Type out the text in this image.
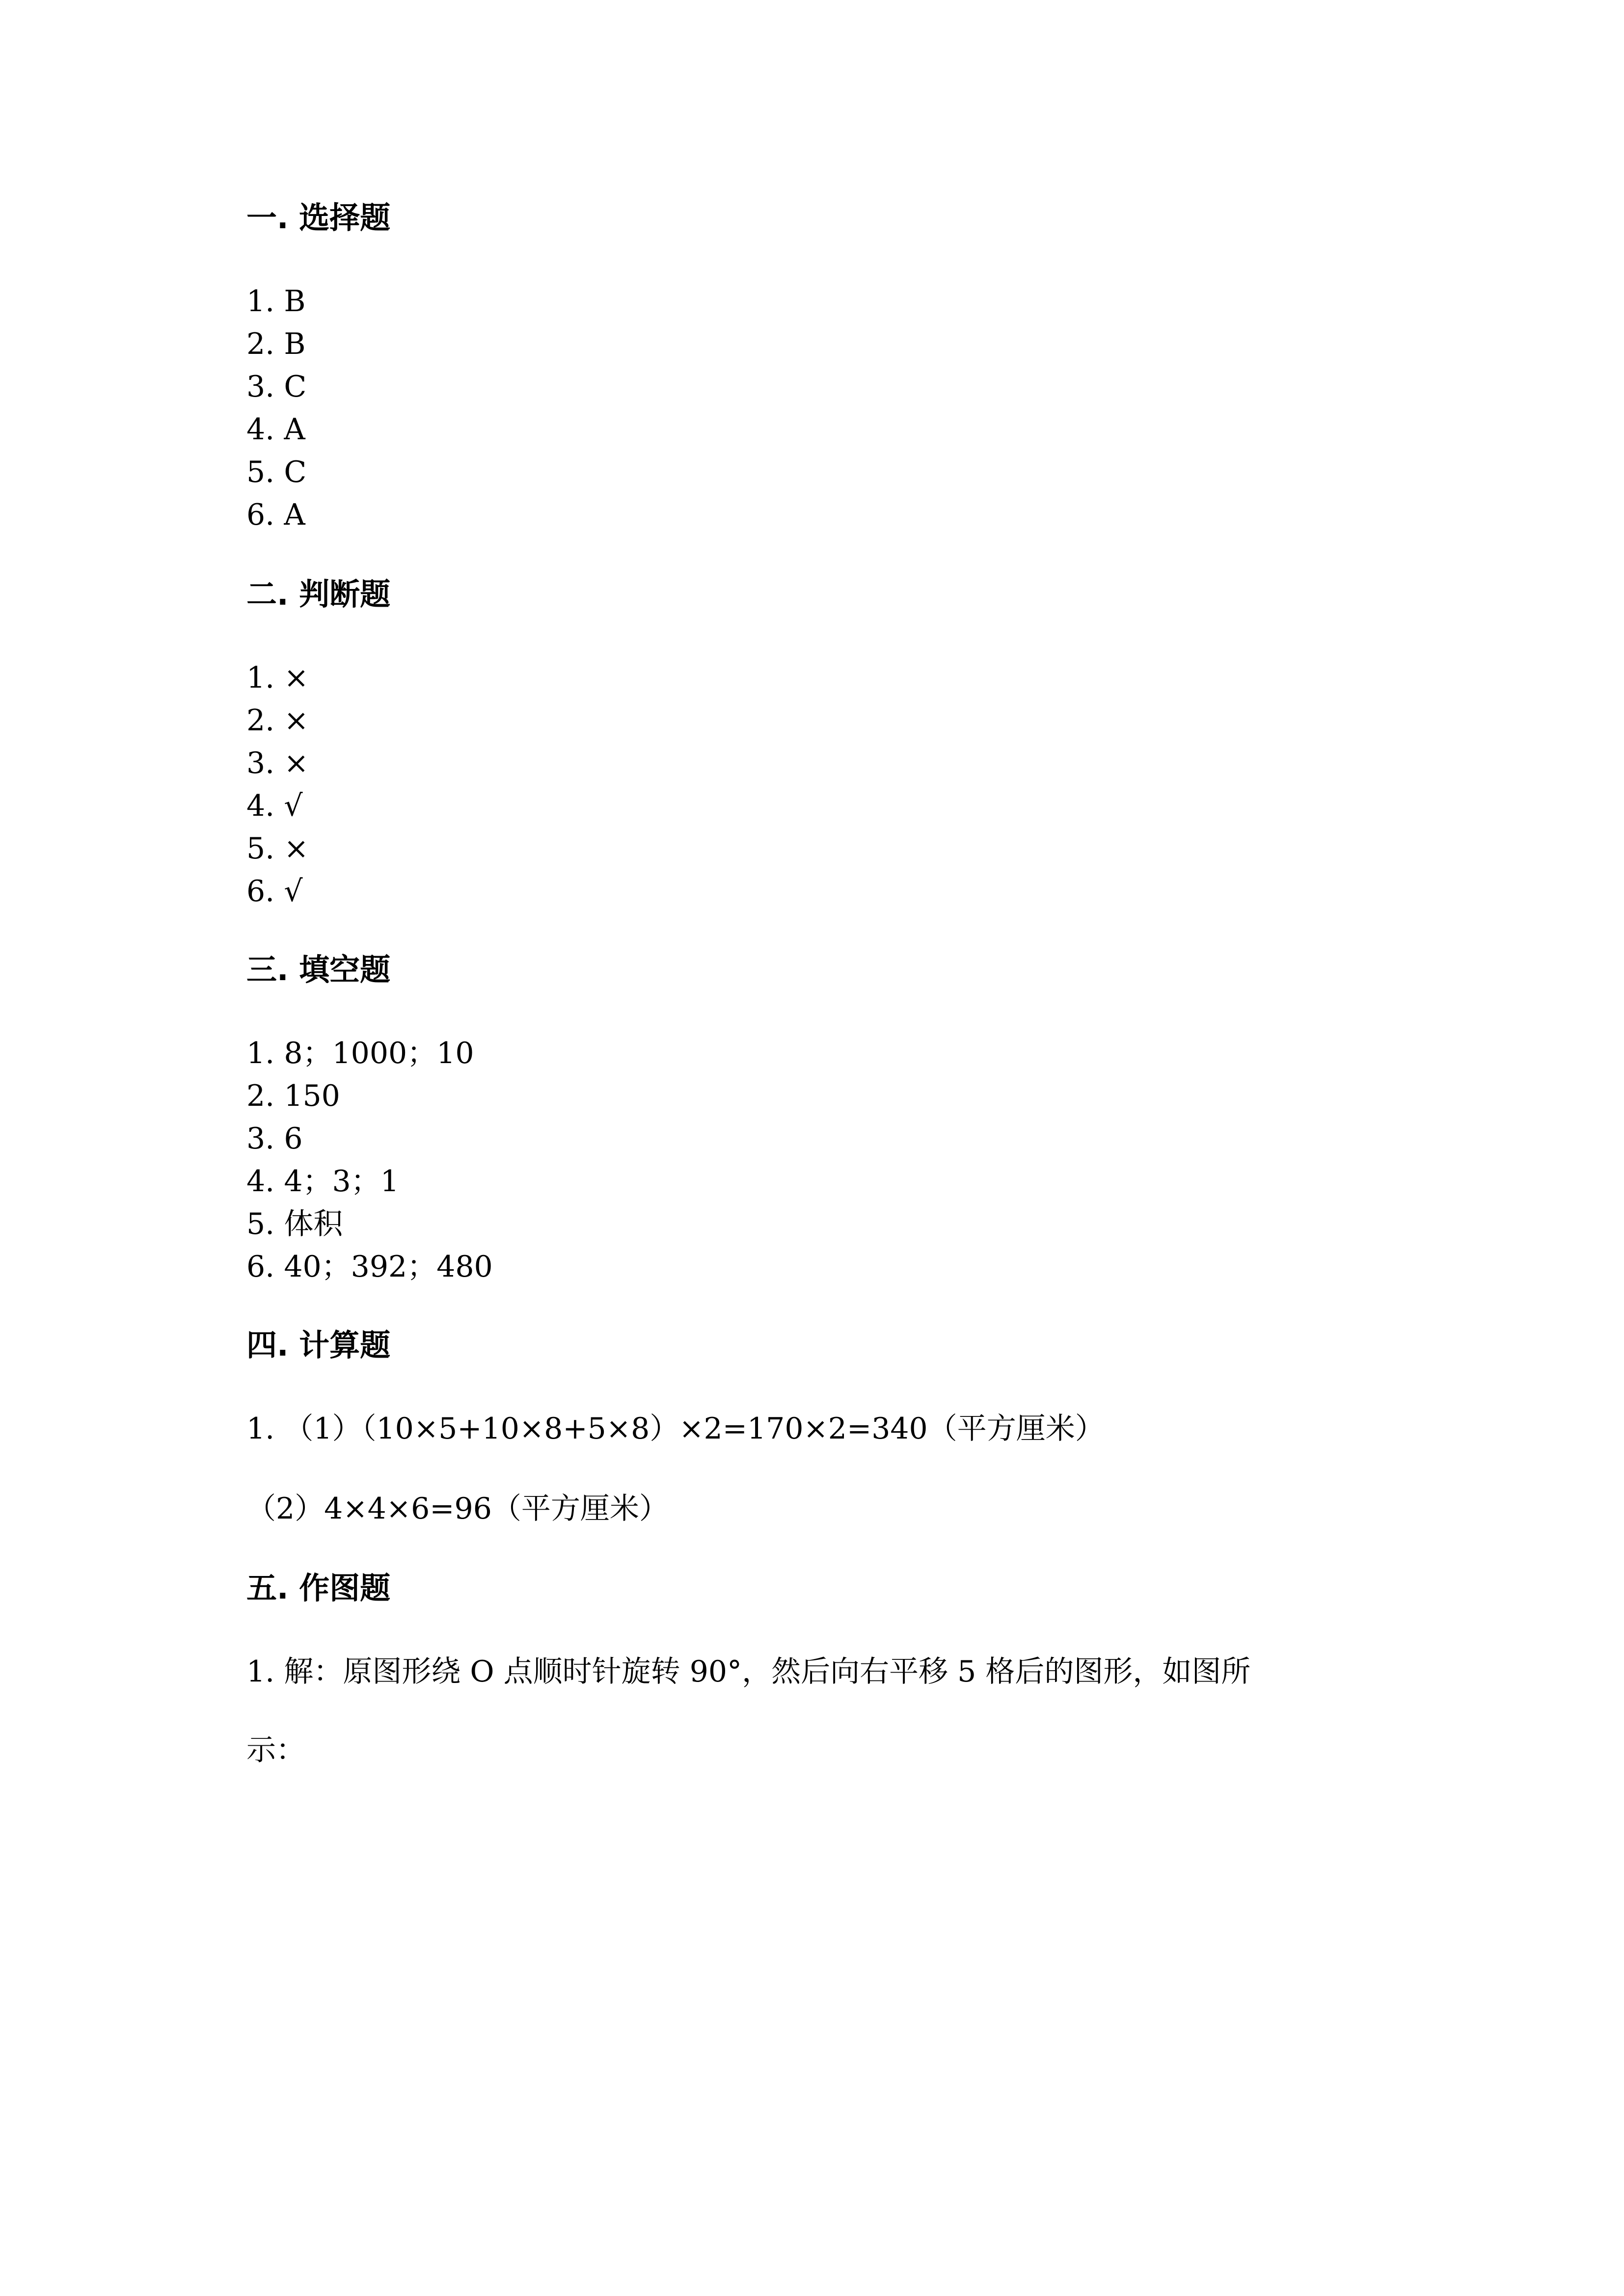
一. 选择题
1. B
2. B
3. C
4. A
5. C
6. A
二. 判断题
1. ×
2. ×
3. ×
4. √
5. ×
6. √
三. 填空题
1. 8；1000；10
2. 150
3. 6
4. 4；3；1
5. 体积
6. 40；392；480
四. 计算题
1. （1）（10×5+10×8+5×8）×2=170×2=340（平方厘米）
（2）4×4×6=96（平方厘米）
五. 作图题
1. 解：原图形绕 O 点顺时针旋转 90°，然后向右平移 5 格后的图形，如图所
示：
